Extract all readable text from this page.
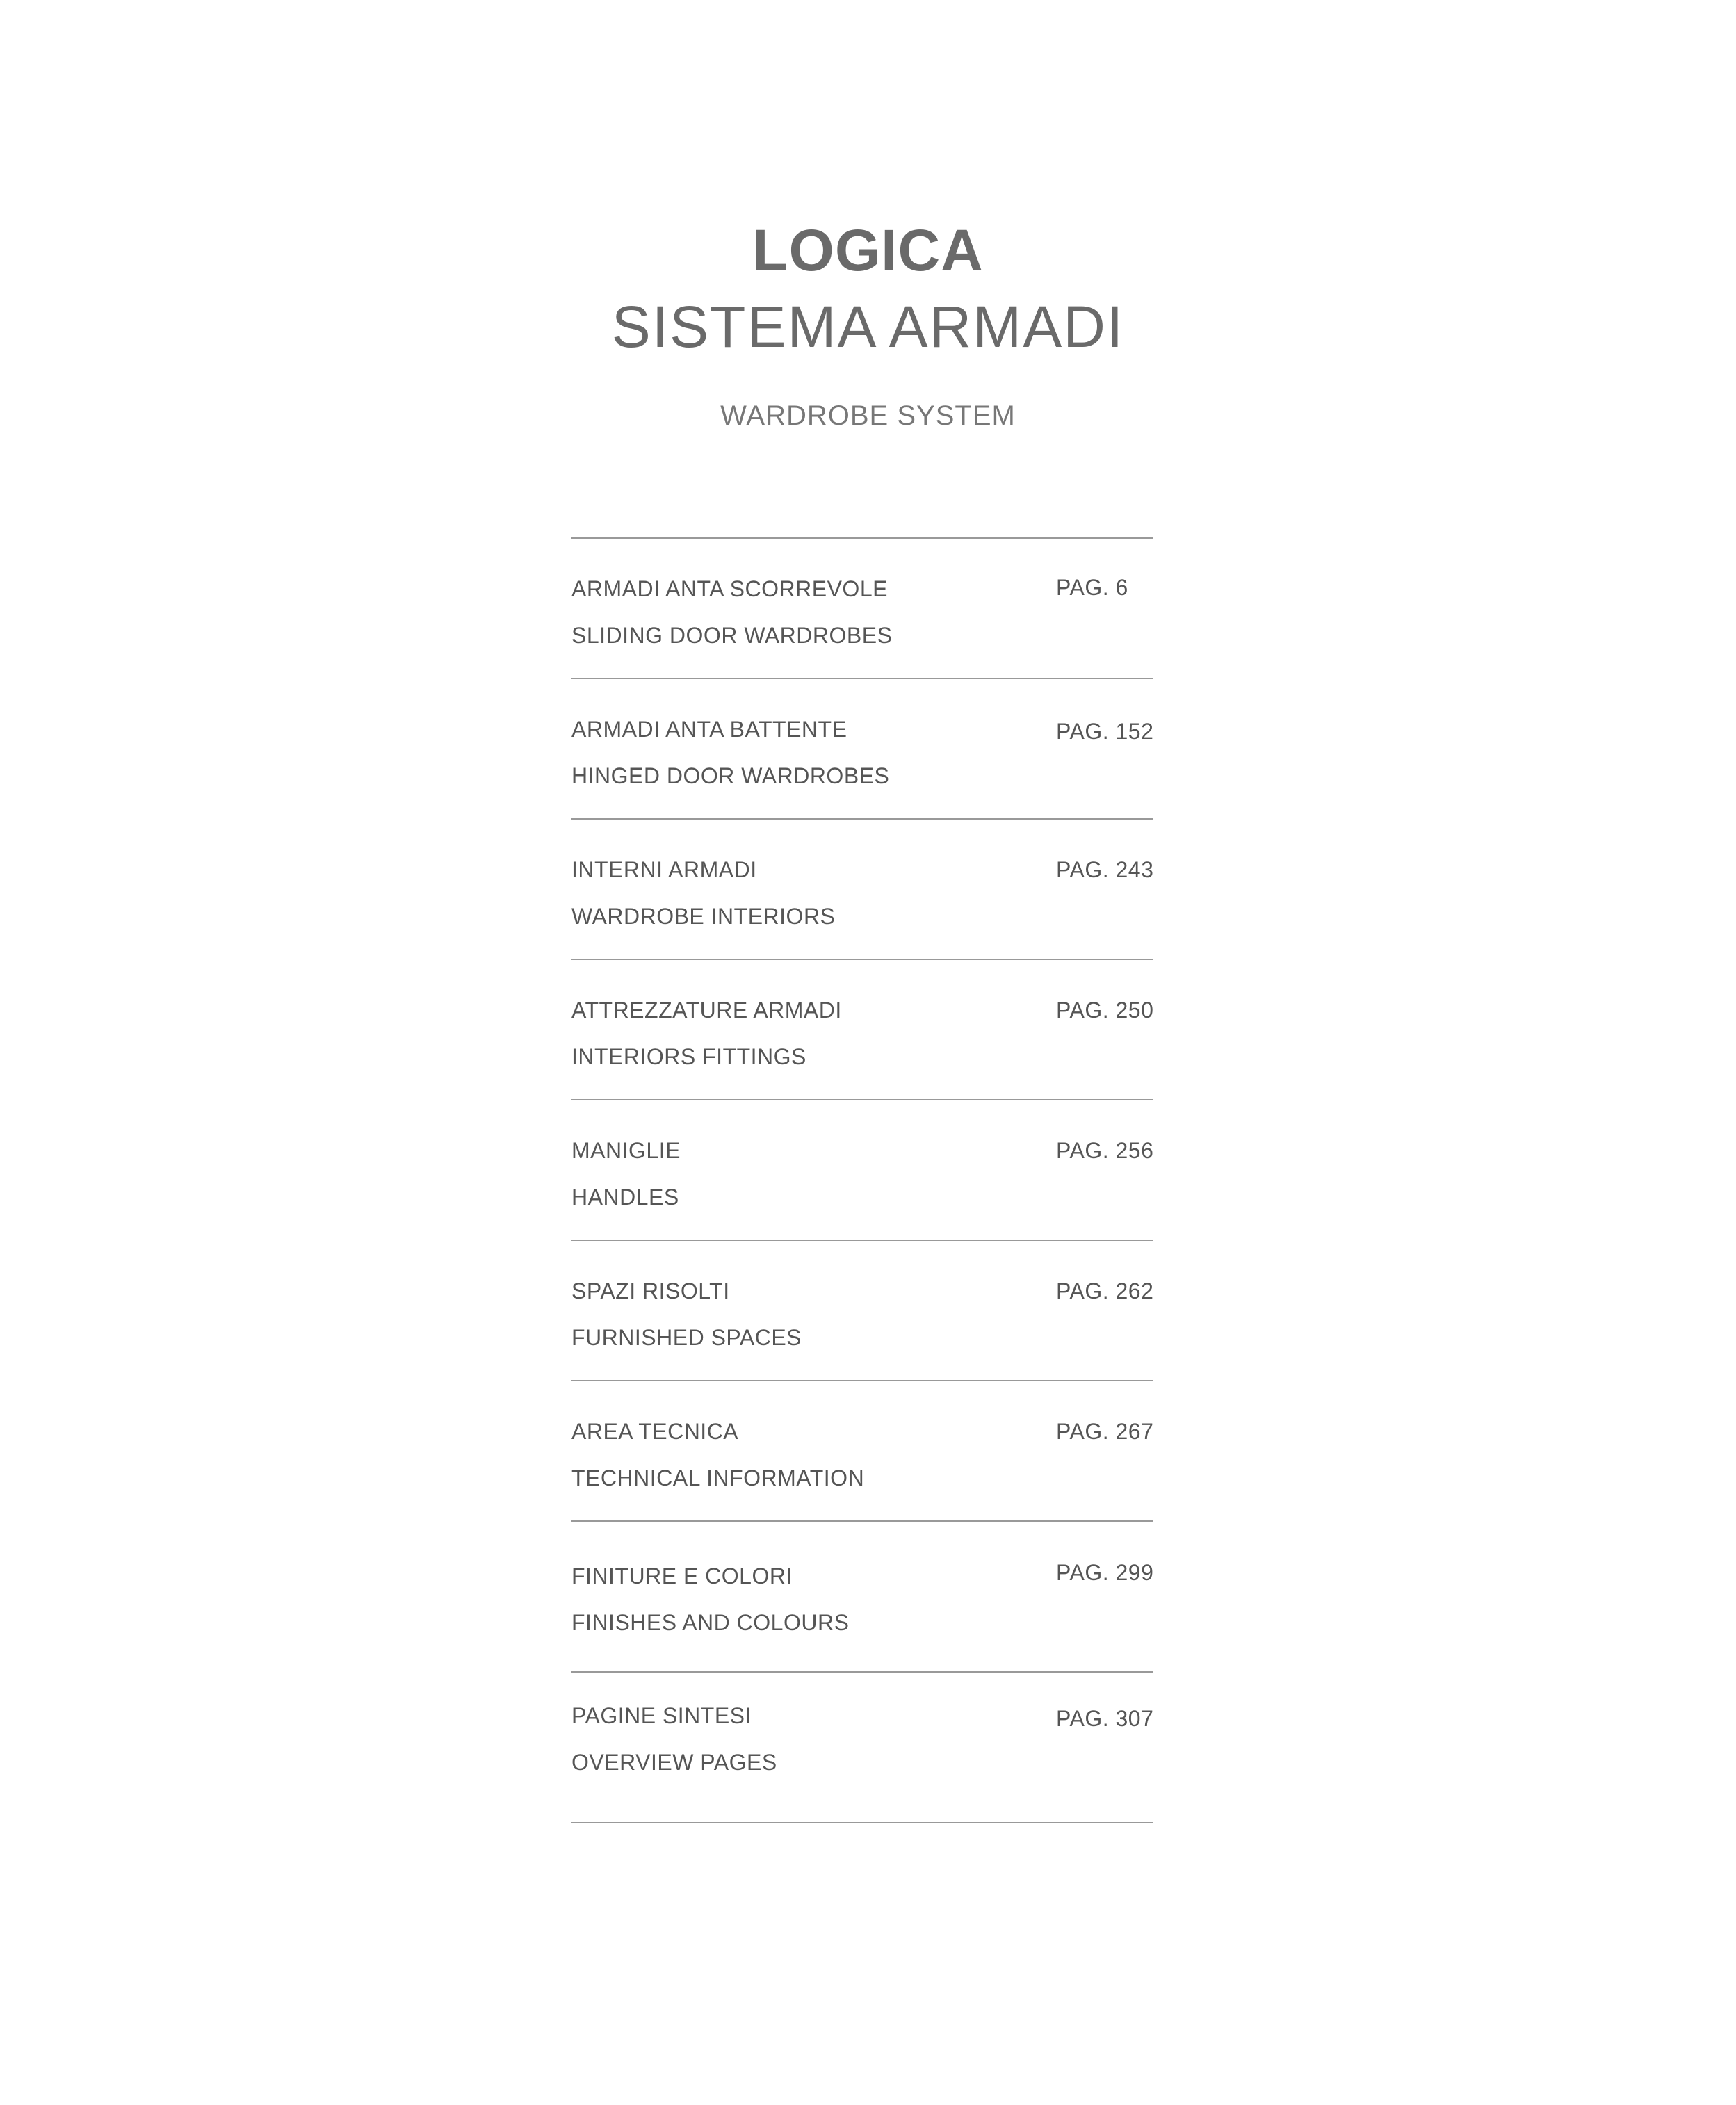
LOGICA
SISTEMA ARMADI
WARDROBE SYSTEM
ARMADI ANTA SCORREVOLE
SLIDING DOOR WARDROBES
PAG. 6
ARMADI ANTA BATTENTE
HINGED DOOR WARDROBES
PAG. 152
INTERNI ARMADI
WARDROBE INTERIORS
PAG. 243
ATTREZZATURE ARMADI
INTERIORS FITTINGS
PAG. 250
MANIGLIE
HANDLES
PAG. 256
SPAZI RISOLTI
FURNISHED SPACES
PAG. 262
AREA TECNICA
TECHNICAL INFORMATION
PAG. 267
FINITURE E COLORI
FINISHES AND COLOURS
PAG. 299
PAGINE SINTESI
OVERVIEW PAGES
PAG. 307
